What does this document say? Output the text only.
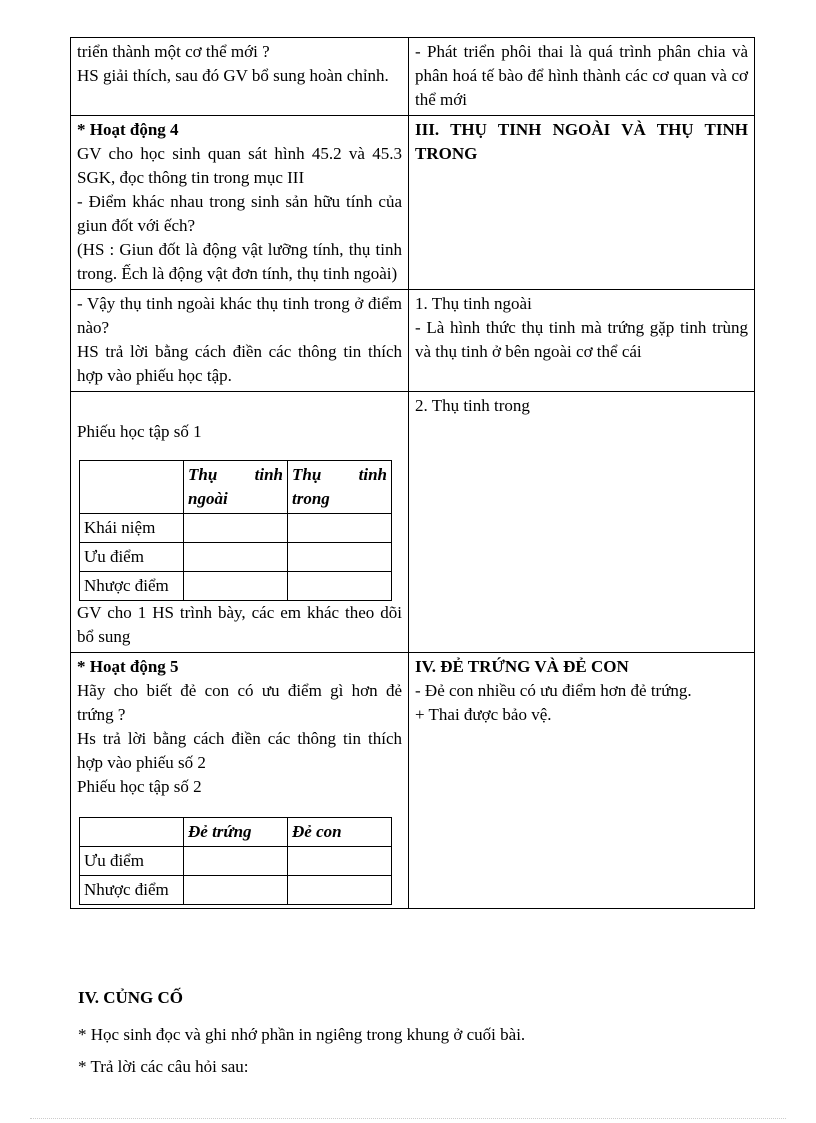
triển thành một cơ thể mới ?

HS giải thích, sau đó GV bổ sung hoàn chỉnh.

- Phát triển phôi thai là quá trình phân chia và phân hoá tế bào để hình thành các cơ quan và cơ thể mới

* Hoạt động 4

GV cho học sinh quan sát hình 45.2 và 45.3 SGK, đọc thông tin trong mục III

- Điểm khác nhau trong sinh sản hữu tính của giun đốt với ếch?

(HS : Giun đốt là động vật lưỡng tính, thụ tinh trong. Ếch là động vật đơn tính, thụ tinh ngoài)

III. THỤ TINH NGOÀI VÀ THỤ TINH TRONG

- Vậy thụ tinh ngoài khác thụ tinh trong ở điểm nào?

HS trả lời bằng cách điền các thông tin thích hợp vào phiếu học tập.

1. Thụ tinh ngoài

- Là hình thức thụ tinh mà trứng gặp tinh trùng và thụ tinh ở bên ngoài cơ thể cái

Phiếu học tập số 1

	Thụ tinh ngoài	Thụ tinh trong
Khái niệm		
Ưu điểm		
Nhược điểm		

GV cho 1 HS trình bày, các em khác theo dõi bổ sung

2. Thụ tinh trong

* Hoạt động 5

Hãy cho biết đẻ con có ưu điểm gì hơn đẻ trứng ?

Hs trả lời bằng cách điền các thông tin thích hợp vào phiếu số 2

Phiếu học tập số 2

	Đẻ trứng	Đẻ con
Ưu điểm		
Nhược điểm		

IV. ĐẺ TRỨNG VÀ ĐẺ CON

- Đẻ con nhiều có ưu điểm hơn đẻ trứng.

+ Thai được bảo vệ.

IV. CỦNG CỐ

* Học sinh đọc và ghi nhớ phần in ngiêng trong khung ở cuối bài.

* Trả lời các câu hỏi sau:
